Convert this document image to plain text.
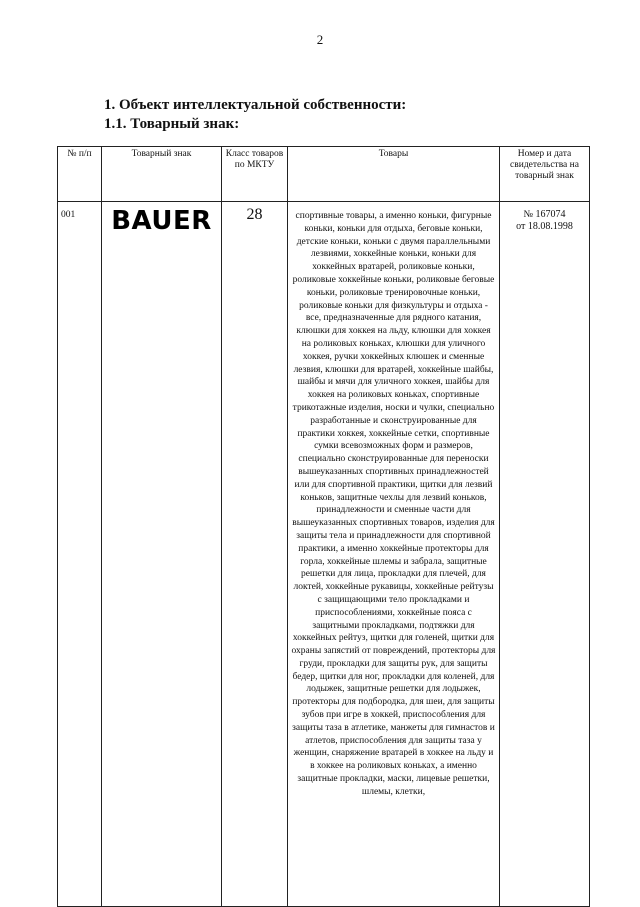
2
1. Объект интеллектуальной собственности:
1.1. Товарный знак:
№ п/п	Товарный знак	Класс товаров по МКТУ	Товары	Номер и дата свидетельства на товарный знак
001	BAUER	28	спортивные товары, а именно коньки, фигурные коньки, коньки для отдыха, беговые коньки, детские коньки, коньки с двумя параллельными лезвиями, хоккейные коньки, коньки для хоккейных вратарей, роликовые коньки, роликовые хоккейные коньки, роликовые беговые коньки, роликовые тренировочные коньки, роликовые коньки для физкультуры и отдыха - все, предназначенные для рядного катания, клюшки для хоккея на льду, клюшки для хоккея на роликовых коньках, клюшки для уличного хоккея, ручки хоккейных клюшек и сменные лезвия, клюшки для вратарей, хоккейные шайбы, шайбы и мячи для уличного хоккея, шайбы для хоккея на роликовых коньках, спортивные трикотажные изделия, носки и чулки, специально разработанные и сконструированные для практики хоккея, хоккейные сетки, спортивные сумки всевозможных форм и размеров, специально сконструированные для переноски вышеуказанных спортивных принадлежностей или для спортивной практики, щитки для лезвий коньков, защитные чехлы для лезвий коньков, принадлежности и сменные части для вышеуказанных спортивных товаров, изделия для защиты тела и принадлежности для спортивной практики, а именно хоккейные протекторы для горла, хоккейные шлемы и забрала, защитные решетки для лица, прокладки для плечей, для локтей, хоккейные рукавицы, хоккейные рейтузы с защищающими тело прокладками и приспособлениями, хоккейные пояса с защитными прокладками, подтяжки для хоккейных рейтуз, щитки для голеней, щитки для охраны запястий от повреждений, протекторы для груди, прокладки для защиты рук, для защиты бедер, щитки для ног, прокладки для коленей, для лодыжек, защитные решетки для лодыжек, протекторы для подбородка, для шеи, для защиты зубов при игре в хоккей, приспособления для защиты таза в атлетике, манжеты для гимнастов и атлетов, приспособления для защиты таза у женщин, снаряжение вратарей в хоккее на льду и в хоккее на роликовых коньках, а именно защитные прокладки, маски, лицевые решетки, шлемы, клетки,	№ 167074
от 18.08.1998
